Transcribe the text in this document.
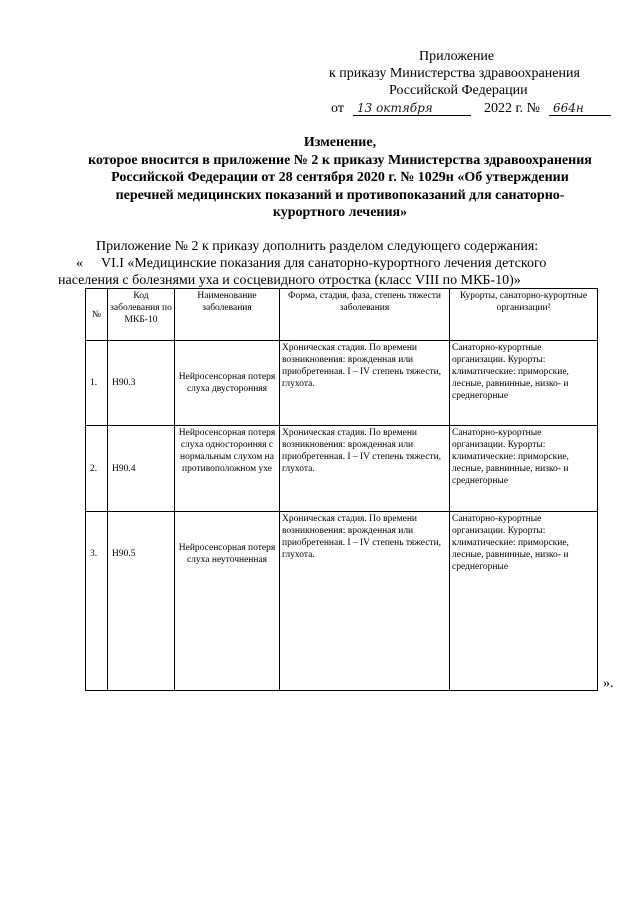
Приложение
к приказу Министерства здравоохранения
Российской Федерации
от 13 октября	2022 г. № 664н
Изменение,
которое вносится в приложение № 2 к приказу Министерства здравоохранения
Российской Федерации от 28 сентября 2020 г. № 1029н «Об утверждении
перечней медицинских показаний и противопоказаний для санаторно-
курортного лечения»
Приложение № 2 к приказу дополнить разделом следующего содержания:
« VI.I «Медицинские показания для санаторно-курортного лечения детского
населения с болезнями уха и сосцевидного отростка (класс VIII по МКБ-10)»
№	Код заболевания по МКБ-10	Наименование заболевания	Форма, стадия, фаза, степень тяжести заболевания	Курорты, санаторно-курортные организации²
1.	H90.3	Нейросенсорная потеря слуха двусторонняя	Хроническая стадия. По времени возникновения: врожденная или приобретенная. I – IV степень тяжести, глухота.	Санаторно-курортные организации. Курорты: климатические: приморские, лесные, равнинные, низко- и среднегорные
2.	H90.4	Нейросенсорная потеря слуха односторонняя с нормальным слухом на противоположном ухе	Хроническая стадия. По времени возникновения: врожденная или приобретенная. I – IV степень тяжести, глухота.	Санаторно-курортные организации. Курорты: климатические: приморские, лесные, равнинные, низко- и среднегорные
3.	H90.5	Нейросенсорная потеря слуха неуточненная	Хроническая стадия. По времени возникновения: врожденная или приобретенная. I – IV степень тяжести, глухота.	Санаторно-курортные организации. Курорты: климатические: приморские, лесные, равнинные, низко- и среднегорные
».
